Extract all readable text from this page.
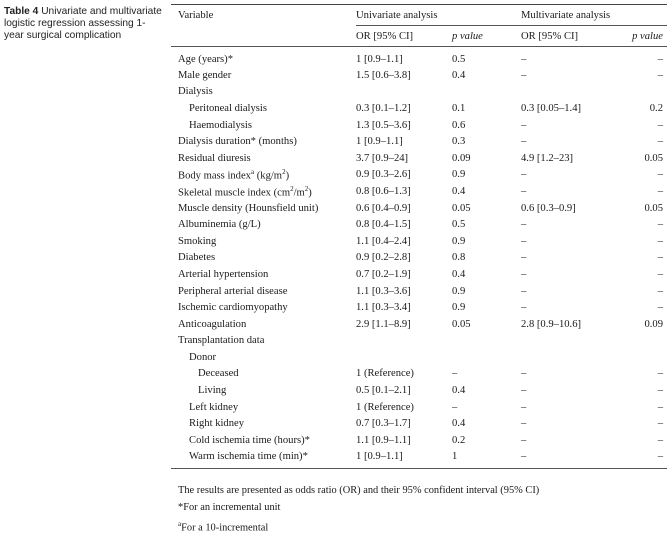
Table 4 Univariate and multivariate logistic regression assessing 1-year surgical complication
Variable	Univariate analysis		Multivariate analysis	
	OR [95% CI]	p value	OR [95% CI]	p value
Age (years)*	1 [0.9–1.1]	0.5	–	–
Male gender	1.5 [0.6–3.8]	0.4	–	–
Dialysis				
Peritoneal dialysis	0.3 [0.1–1.2]	0.1	0.3 [0.05–1.4]	0.2
Haemodialysis	1.3 [0.5–3.6]	0.6	–	–
Dialysis duration* (months)	1 [0.9–1.1]	0.3	–	–
Residual diuresis	3.7 [0.9–24]	0.09	4.9 [1.2–23]	0.05
Body mass index$^a$ $(kg/m^2)$	0.9 [0.3–2.6]	0.9	–	–
Skeletal muscle index $(cm^2/m^2)$	0.8 [0.6–1.3]	0.4	–	–
Muscle density (Hounsfield unit)	0.6 [0.4–0.9]	0.05	0.6 [0.3–0.9]	0.05
Albuminemia (g/L)	0.8 [0.4–1.5]	0.5	–	–
Smoking	1.1 [0.4–2.4]	0.9	–	–
Diabetes	0.9 [0.2–2.8]	0.8	–	–
Arterial hypertension	0.7 [0.2–1.9]	0.4	–	–
Peripheral arterial disease	1.1 [0.3–3.6]	0.9	–	–
Ischemic cardiomyopathy	1.1 [0.3–3.4]	0.9	–	–
Anticoagulation	2.9 [1.1–8.9]	0.05	2.8 [0.9–10.6]	0.09
Transplantation data				
Donor				
Deceased	1 (Reference)	–	–	–
Living	0.5 [0.1–2.1]	0.4	–	–
Left kidney	1 (Reference)	–	–	–
Right kidney	0.7 [0.3–1.7]	0.4	–	–
Cold ischemia time (hours)*	1.1 [0.9–1.1]	0.2	–	–
Warm ischemia time (min)*	1 [0.9–1.1]	1	–	–
The results are presented as odds ratio (OR) and their 95% confident interval (95% CI)
*For an incremental unit
$^a$For a 10-incremental
